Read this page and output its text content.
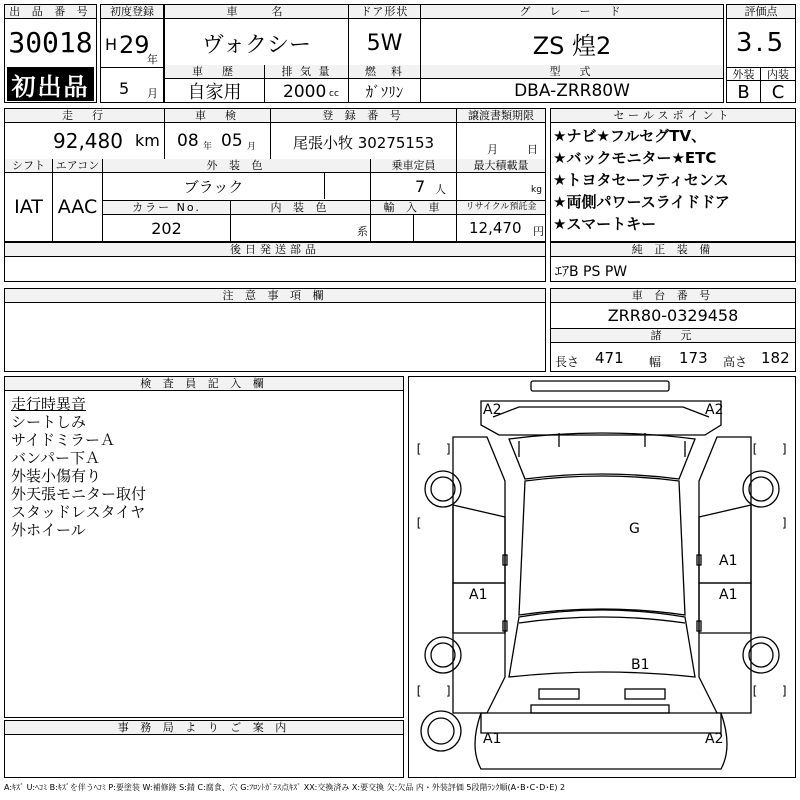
出 品 番 号
30018
初出品
初度登録
H 29
年
5 月
車　　名
ヴォクシー
ドア形状
5W
グ　レ　ー　ド
ZS 煌2
車　歴
自家用
排 気 量
2000 cc
燃　料
ｶﾞｿﾘﾝ
型　式
DBA-ZRR80W
評価点
3.5
外装	内装
B	C
走　行
92,480 km
車　検
08 年 05 月
登 録 番 号
尾張小牧 30275153
譲渡書類期限
月	日
シフト
IAT
エアコン
AAC
外 装 色
ブラック
乗車定員
7 人
最大積載量
kg
カラー No.
202
内 装 色
系
輸 入 車	リサイクル預託金
12,470 円
セールスポイント
★ナビ★フルセグTV、
★バックモニター★ETC
★トヨタセーフティセンス
★両側パワースライドドア
★スマートキー
後日発送部品	純 正 装 備
ｴｱB PS PW
注 意 事 項 欄	車 台 番 号
ZRR80-0329458
諸　元
長さ 471 幅 173 高さ 182
検 査 員 記 入 欄
走行時異音
シートしみ
サイドミラーＡ
バンパー下Ａ
外装小傷有り
外天張モニター取付
スタッドレスタイヤ
外ホイール
事 務 局 よ り ご 案 内
[ ]	[ ]
[	]
[ ]	[ ]
A2	A2
G
A1
A1	A1
B1
A1	A2
A:ｷｽﾞ U:ﾍｺﾐ B:ｷｽﾞを伴うﾍｺﾐ P:要塗装 W:補修跡 S:錆 C:腐食、穴 G:ﾌﾛﾝﾄｶﾞﾗｽ点ｷｽﾞ XX:交換済み X:要交換 欠:欠品 内・外装評価 5段階ﾗﾝｸ順(A･B･C･D･E) 2
